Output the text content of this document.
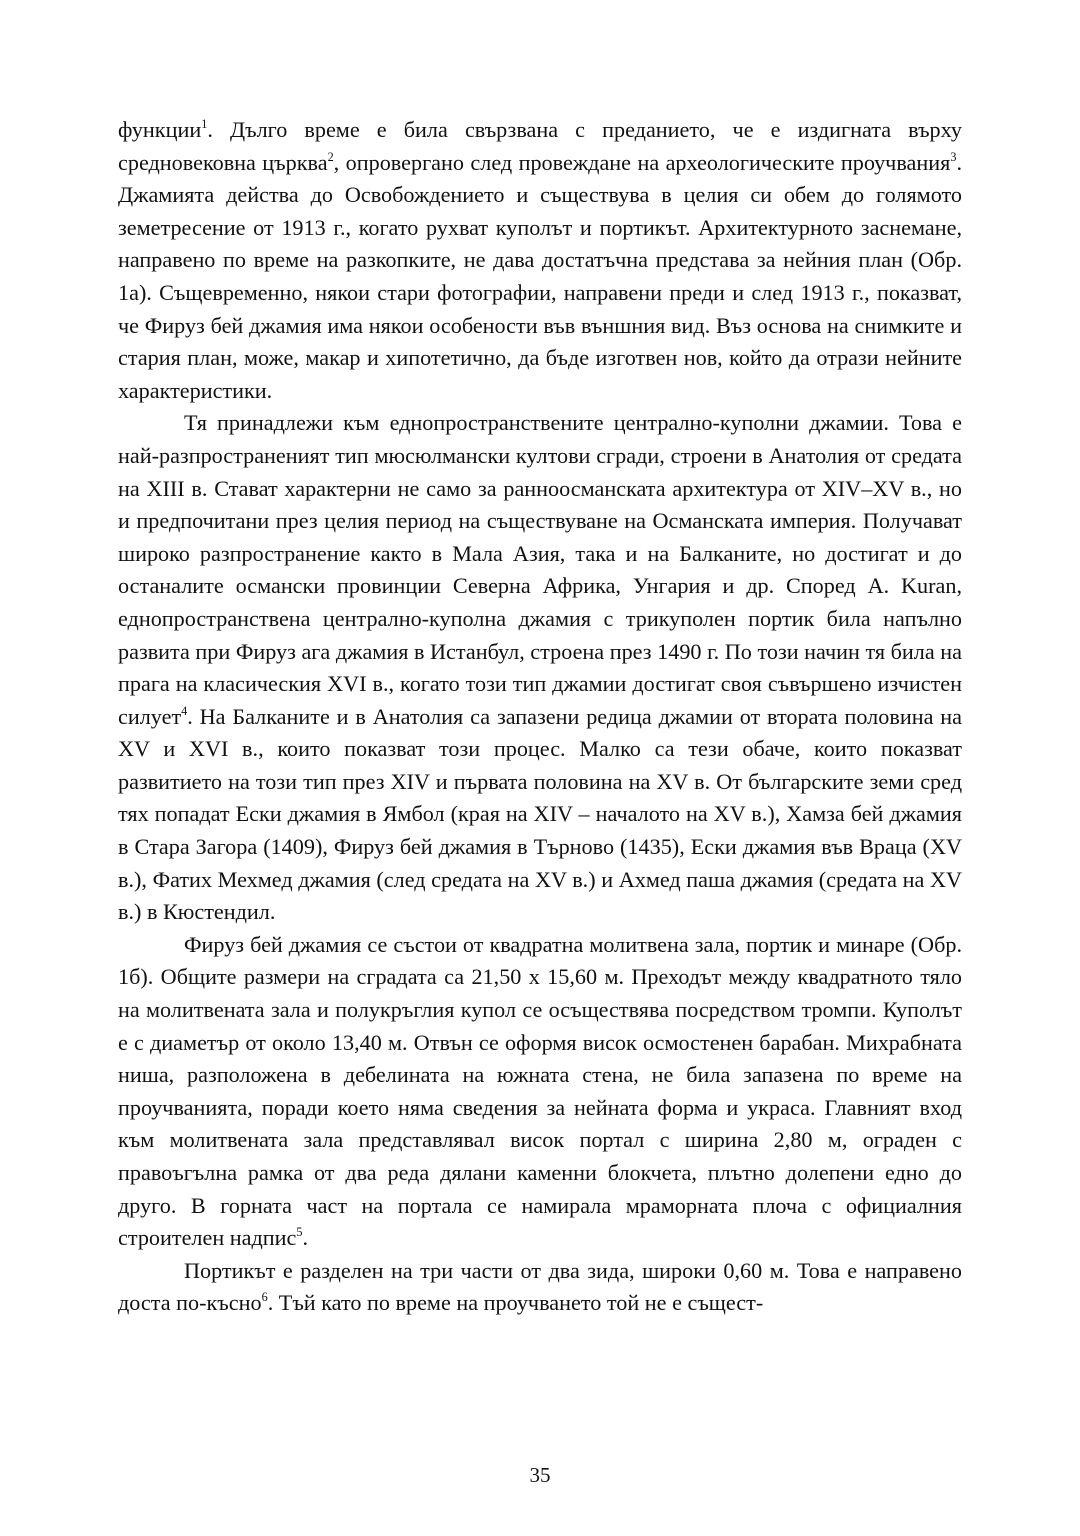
функции$^1$. Дълго време е била свързвана с преданието, че е издигната върху средновековна църква$^2$, опровергано след провеждане на археологическите проучвания$^3$. Джамията действа до Освобождението и съществува в целия си обем до голямото земетресение от 1913 г., когато рухват куполът и портикът. Архитектурното заснемане, направено по време на разкопките, не дава достатъчна представа за нейния план (Обр. 1а). Същевременно, някои стари фотографии, направени преди и след 1913 г., показват, че Фируз бей джамия има някои особености във външния вид. Въз основа на снимките и стария план, може, макар и хипотетично, да бъде изготвен нов, който да отрази нейните характеристики.

Тя принадлежи към еднопространствените централно-куполни джамии. Това е най-разпространеният тип мюсюлмански култови сгради, строени в Анатолия от средата на XIII в. Стават характерни не само за ранноосманската архитектура от XIV–XV в., но и предпочитани през целия период на съществуване на Османската империя. Получават широко разпространение както в Мала Азия, така и на Балканите, но достигат и до останалите османски провинции Северна Африка, Унгария и др. Според А. Kuran, еднопространствена централно-куполна джамия с трикуполен портик била напълно развита при Фируз ага джамия в Истанбул, строена през 1490 г. По този начин тя била на прага на класическия XVI в., когато този тип джамии достигат своя съвършено изчистен силует$^4$. На Балканите и в Анатолия са запазени редица джамии от втората половина на XV и XVI в., които показват този процес. Малко са тези обаче, които показват развитието на този тип през XIV и първата половина на XV в. От българските земи сред тях попадат Ески джамия в Ямбол (края на XIV – началото на XV в.), Хамза бей джамия в Стара Загора (1409), Фируз бей джамия в Търново (1435), Ески джамия във Враца (XV в.), Фатих Мехмед джамия (след средата на XV в.) и Ахмед паша джамия (средата на XV в.) в Кюстендил.

Фируз бей джамия се състои от квадратна молитвена зала, портик и минаре (Обр. 1б). Общите размери на сградата са 21,50 x 15,60 м. Преходът между квадратното тяло на молитвената зала и полукръглия купол се осъществява посредством тромпи. Куполът е с диаметър от около 13,40 м. Отвън се оформя висок осмостенен барабан. Михрабната ниша, разположена в дебелината на южната стена, не била запазена по време на проучванията, поради което няма сведения за нейната форма и украса. Главният вход към молитвената зала представлявал висок портал с ширина 2,80 м, ограден с правоъгълна рамка от два реда дялани каменни блокчета, плътно долепени едно до друго. В горната част на портала се намирала мраморната плоча с официалния строителен надпис$^5$.

Портикът е разделен на три части от два зида, широки 0,60 м. Това е направено доста по-късно$^6$. Тъй като по време на проучването той не е същест-

35
